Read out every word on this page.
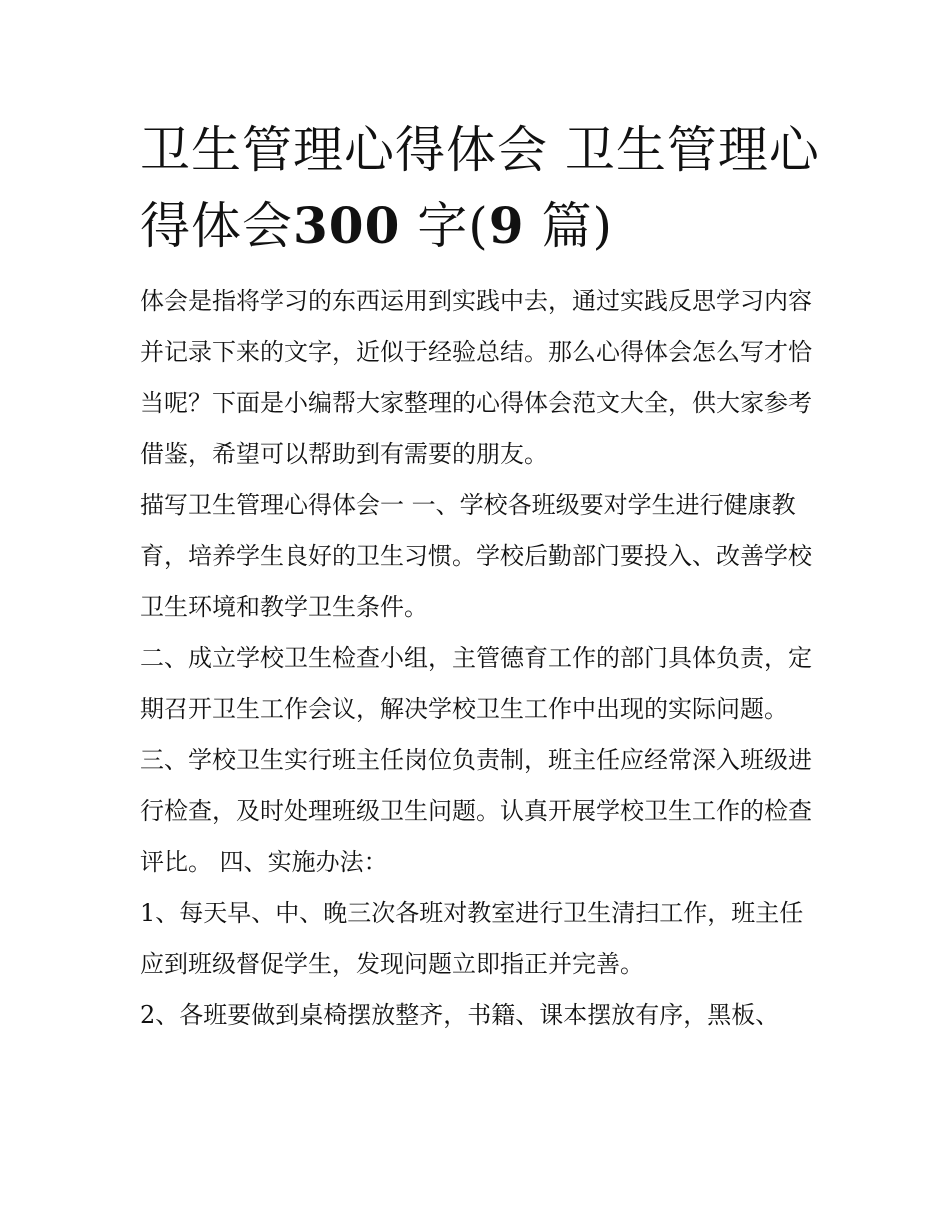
卫生管理心得体会 卫生管理心得体会300 字(9 篇)

体会是指将学习的东西运用到实践中去，通过实践反思学习内容并记录下来的文字，近似于经验总结。那么心得体会怎么写才恰当呢？下面是小编帮大家整理的心得体会范文大全，供大家参考借鉴，希望可以帮助到有需要的朋友。

描写卫生管理心得体会一 一、学校各班级要对学生进行健康教育，培养学生良好的卫生习惯。学校后勤部门要投入、改善学校卫生环境和教学卫生条件。

二、成立学校卫生检查小组，主管德育工作的部门具体负责，定期召开卫生工作会议，解决学校卫生工作中出现的实际问题。

三、学校卫生实行班主任岗位负责制，班主任应经常深入班级进行检查，及时处理班级卫生问题。认真开展学校卫生工作的检查评比。 四、实施办法：

1、每天早、中、晚三次各班对教室进行卫生清扫工作，班主任应到班级督促学生，发现问题立即指正并完善。

2、各班要做到桌椅摆放整齐，书籍、课本摆放有序，黑板、
